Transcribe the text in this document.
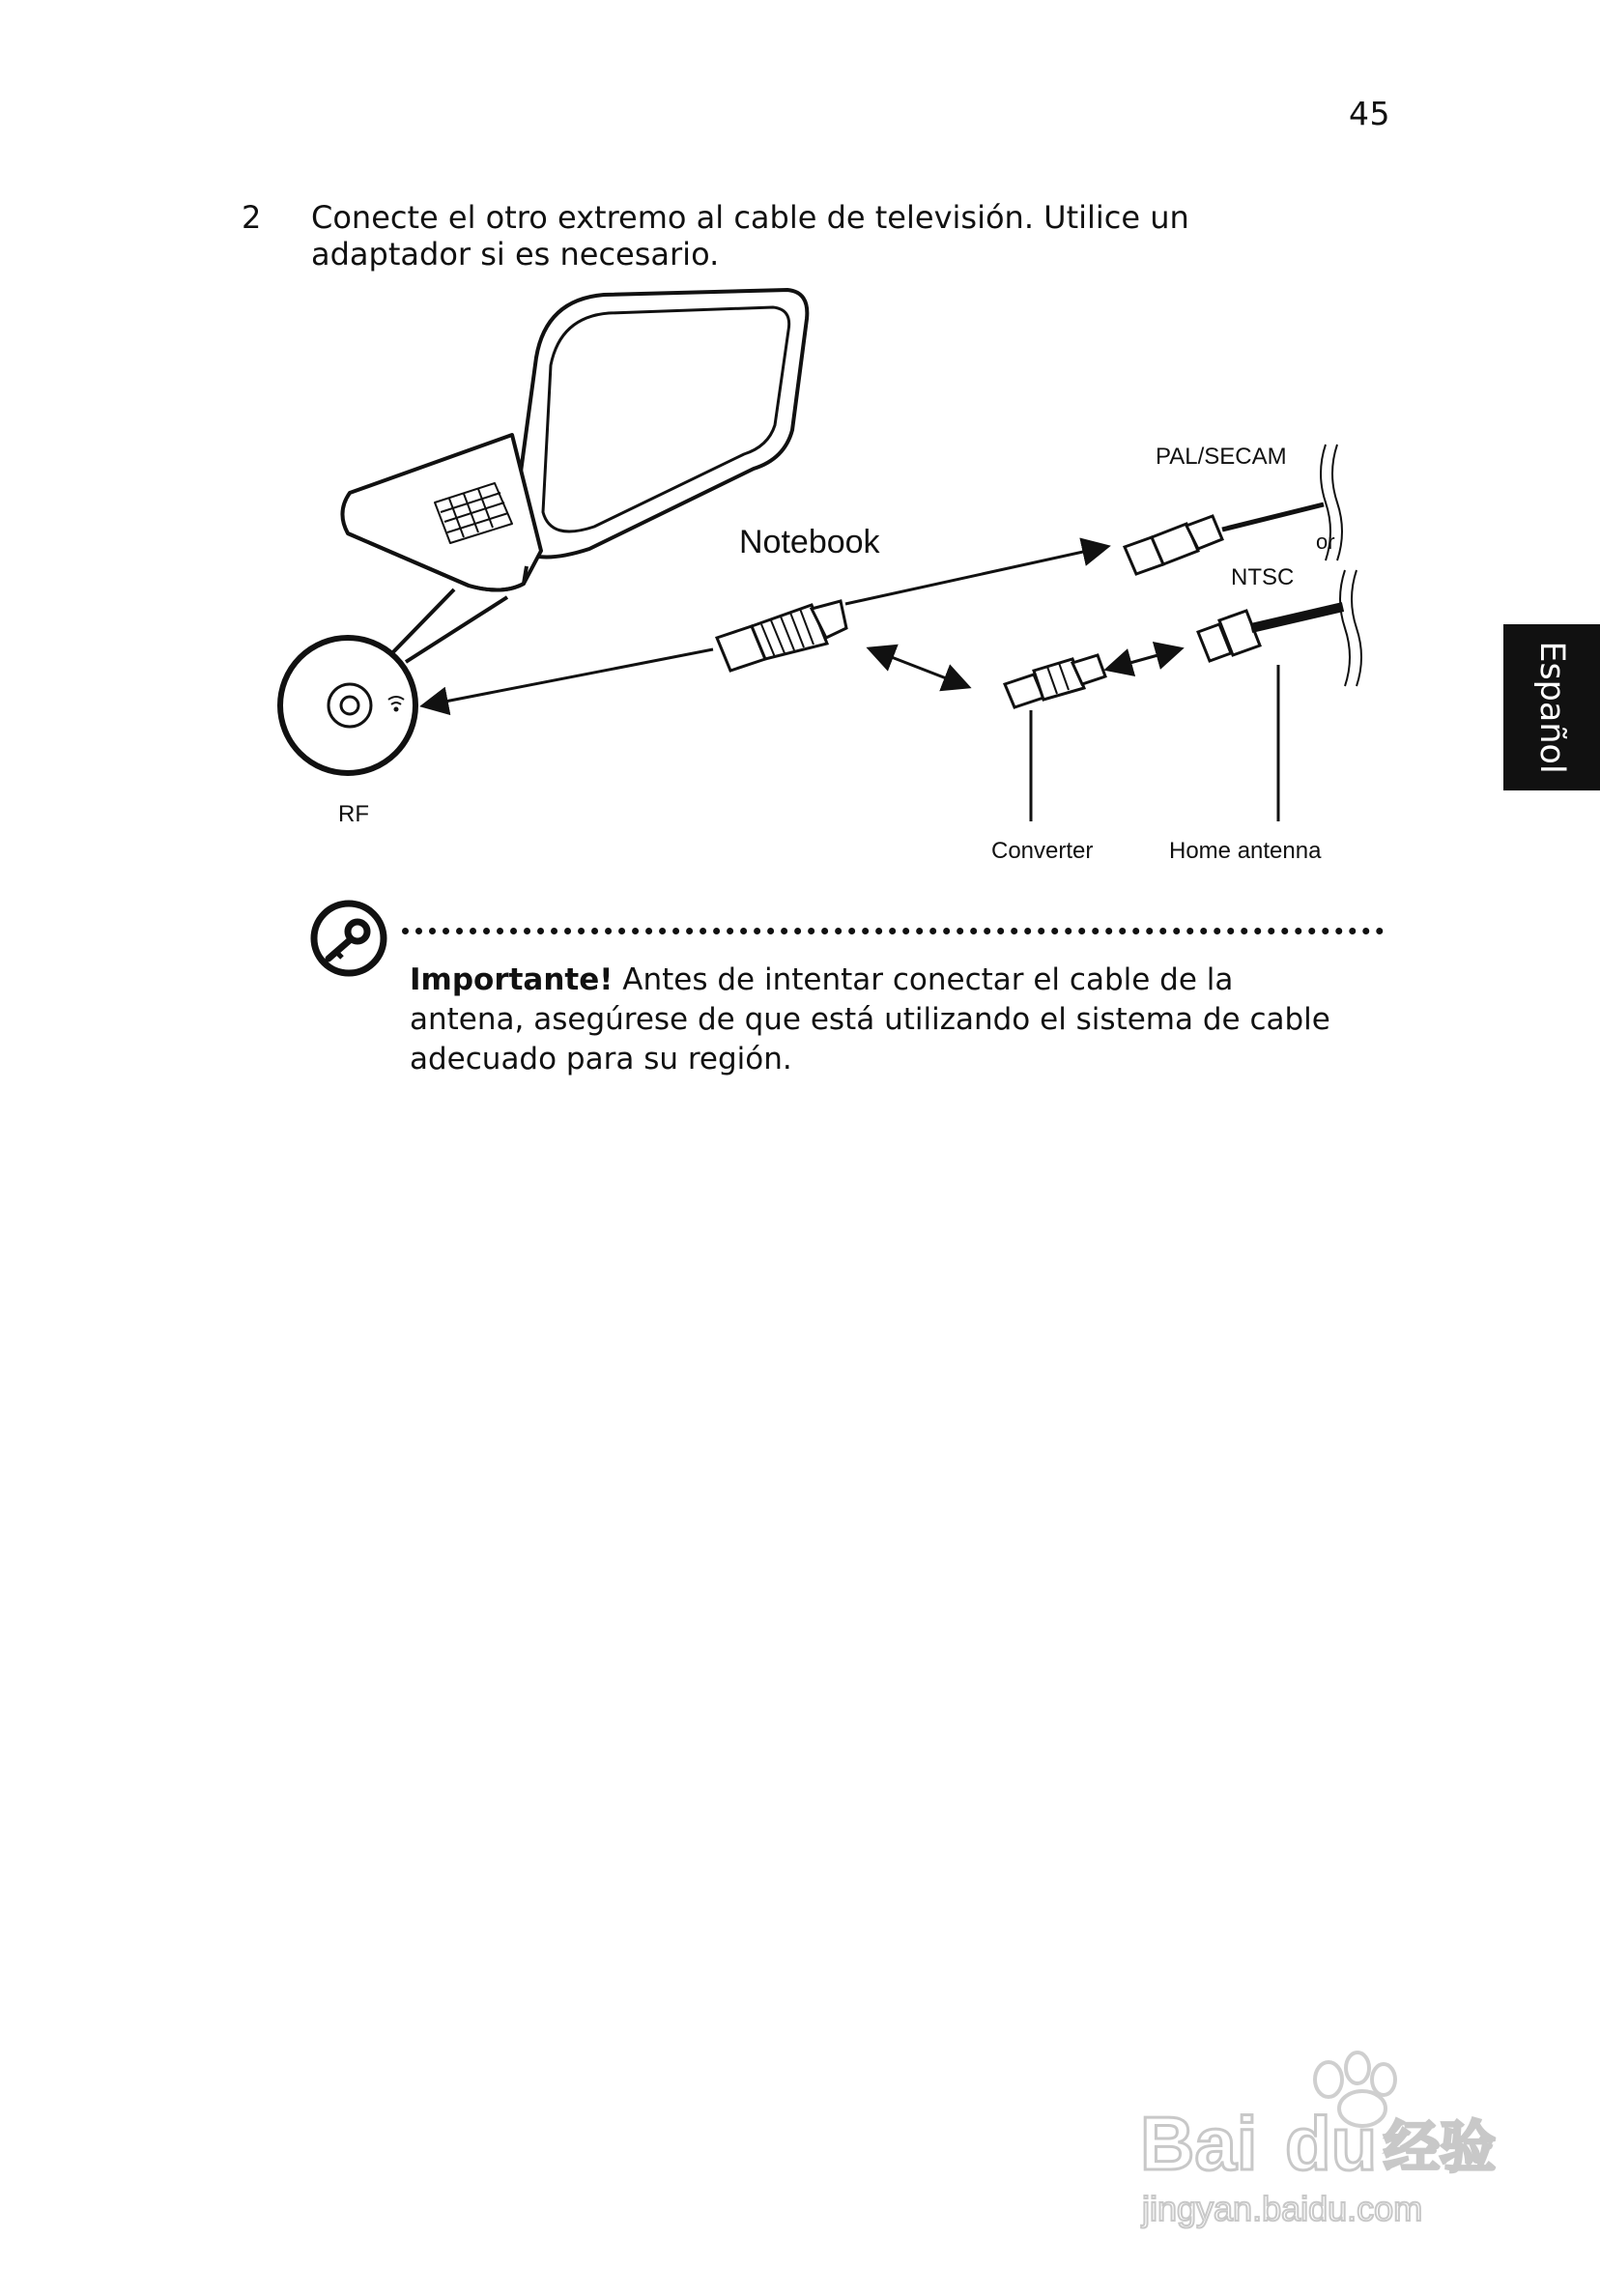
45
2 Conecte el otro extremo al cable de televisión. Utilice un adaptador si es necesario.
Español
RF
Notebook
PAL/SECAM
or
NTSC
Converter	Home antenna
Importante! Antes de intentar conectar el cable de la antena, asegúrese de que está utilizando el sistema de cable adecuado para su región.
Bai du 经验
jingyan.baidu.com
